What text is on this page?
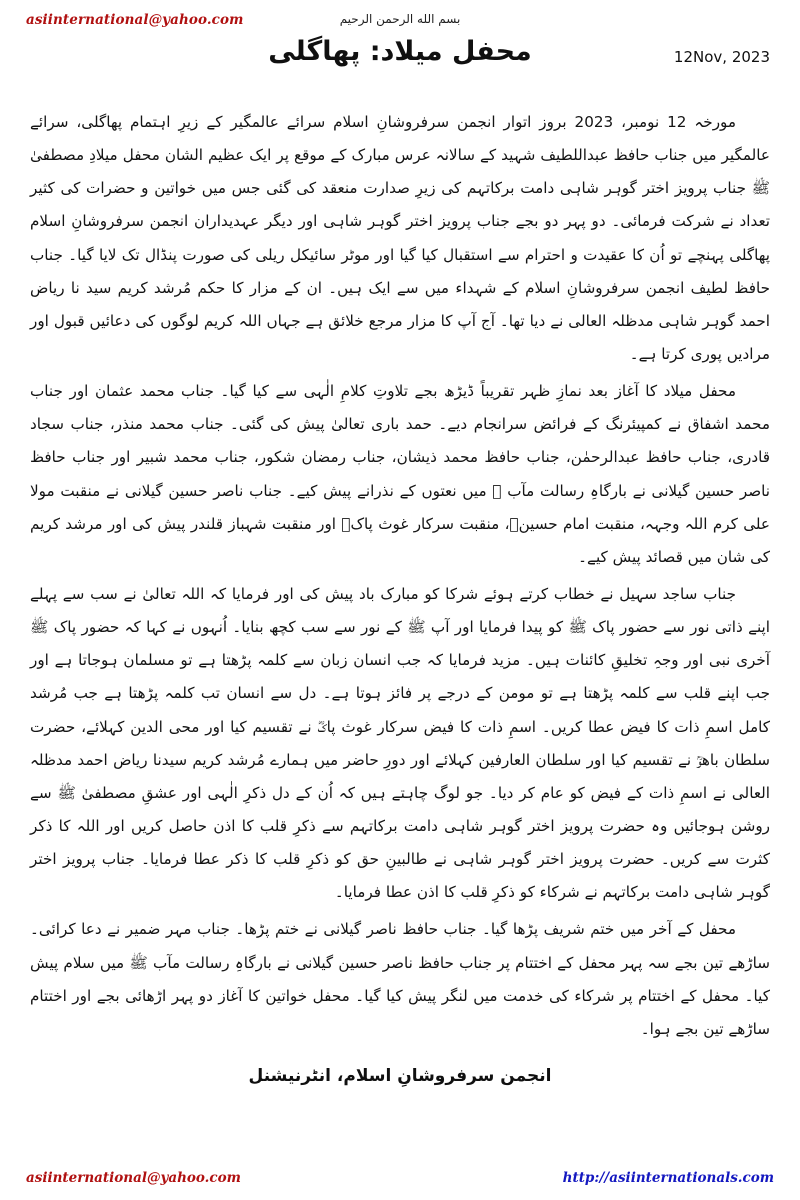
asiinternational@yahoo.com	بسم الله الرحمن الرحيم
محفل میلاد: پھاگلی	12Nov, 2023

مورخہ 12 نومبر، 2023 بروز اتوار انجمن سرفروشانِ اسلام سرائے عالمگیر کے زیرِ اہتمام پھاگلی، سرائے عالمگیر میں جناب حافظ عبداللطیف شہید کے سالانہ عرس مبارک کے موقع پر ایک عظیم الشان محفل میلادِ مصطفیٰ ﷺ جناب پرویز اختر گوہر شاہی دامت برکاتہم کی زیرِ صدارت منعقد کی گئی جس میں خواتین و حضرات کی کثیر تعداد نے شرکت فرمائی۔ دو پہر دو بجے جناب پرویز اختر گوہر شاہی اور دیگر عہدیداران انجمن سرفروشانِ اسلام پھاگلی پہنچے تو اُن کا عقیدت و احترام سے استقبال کیا گیا اور موٹر سائیکل ریلی کی صورت پنڈال تک لایا گیا۔ جناب حافظ لطیف انجمن سرفروشانِ اسلام کے شہداء میں سے ایک ہیں۔ ان کے مزار کا حکم مُرشد کریم سید نا ریاض احمد گوہر شاہی مدظلہ العالی نے دیا تھا۔ آج آپ کا مزار مرجع خلائق ہے جہاں اللہ کریم لوگوں کی دعائیں قبول اور مرادیں پوری کرتا ہے۔

محفل میلاد کا آغاز بعد نمازِ ظہر تقریباً ڈیڑھ بجے تلاوتِ کلامِ الٰہی سے کیا گیا۔ جناب محمد عثمان اور جناب محمد اشفاق نے کمپیئرنگ کے فرائض سرانجام دیے۔ حمد باری تعالیٰ پیش کی گئی۔ جناب محمد منذر، جناب سجاد قادری، جناب حافظ عبدالرحمٰن، جناب حافظ محمد ذیشان، جناب رمضان شکور، جناب محمد شبیر اور جناب حافظ ناصر حسین گیلانی نے بارگاہِ رسالت مآب ﷺ میں نعتوں کے نذرانے پیش کیے۔ جناب ناصر حسین گیلانی نے منقبت مولا علی کرم اللہ وجہہ، منقبت امام حسینؓ، منقبت سرکار غوث پاکؓ اور منقبت شہباز قلندر پیش کی اور مرشد کریم کی شان میں قصائد پیش کیے۔

جناب ساجد سہیل نے خطاب کرتے ہوئے شرکا کو مبارک باد پیش کی اور فرمایا کہ اللہ تعالیٰ نے سب سے پہلے اپنے ذاتی نور سے حضور پاک ﷺ کو پیدا فرمایا اور آپ ﷺ کے نور سے سب کچھ بنایا۔ اُنہوں نے کہا کہ حضور پاک ﷺ آخری نبی اور وجہِ تخلیقِ کائنات ہیں۔ مزید فرمایا کہ جب انسان زبان سے کلمہ پڑھتا ہے تو مسلمان ہوجاتا ہے اور جب اپنے قلب سے کلمہ پڑھتا ہے تو مومن کے درجے پر فائز ہوتا ہے۔ دل سے انسان تب کلمہ پڑھتا ہے جب مُرشد کامل اسمِ ذات کا فیض عطا کریں۔ اسمِ ذات کا فیض سرکار غوث پاکؓ نے تقسیم کیا اور محی الدین کہلائے، حضرت سلطان باھوؒ نے تقسیم کیا اور سلطان العارفین کہلائے اور دورِ حاضر میں ہمارے مُرشد کریم سیدنا ریاض احمد مدظلہ العالی نے اسمِ ذات کے فیض کو عام کر دیا۔ جو لوگ چاہتے ہیں کہ اُن کے دل ذکرِ الٰہی اور عشقِ مصطفیٰ ﷺ سے روشن ہوجائیں وہ حضرت پرویز اختر گوہر شاہی دامت برکاتہم سے ذکرِ قلب کا اذن حاصل کریں اور اللہ کا ذکر کثرت سے کریں۔ حضرت پرویز اختر گوہر شاہی نے طالبینِ حق کو ذکرِ قلب کا ذکر عطا فرمایا۔ جناب پرویز اختر گوہر شاہی دامت برکاتہم نے شرکاء کو ذکرِ قلب کا اذن عطا فرمایا۔

محفل کے آخر میں ختم شریف پڑھا گیا۔ جناب حافظ ناصر گیلانی نے ختم پڑھا۔ جناب مہر ضمیر نے دعا کرائی۔ ساڑھے تین بجے سہ پہر محفل کے اختتام پر جناب حافظ ناصر حسین گیلانی نے بارگاہِ رسالت مآب ﷺ میں سلام پیش کیا۔ محفل کے اختتام پر شرکاء کی خدمت میں لنگر پیش کیا گیا۔ محفل خواتین کا آغاز دو پہر اڑھائی بجے اور اختتام ساڑھے تین بجے ہوا۔

انجمن سرفروشانِ اسلام، انٹرنیشنل
asiinternational@yahoo.com	http://asiinternationals.com
